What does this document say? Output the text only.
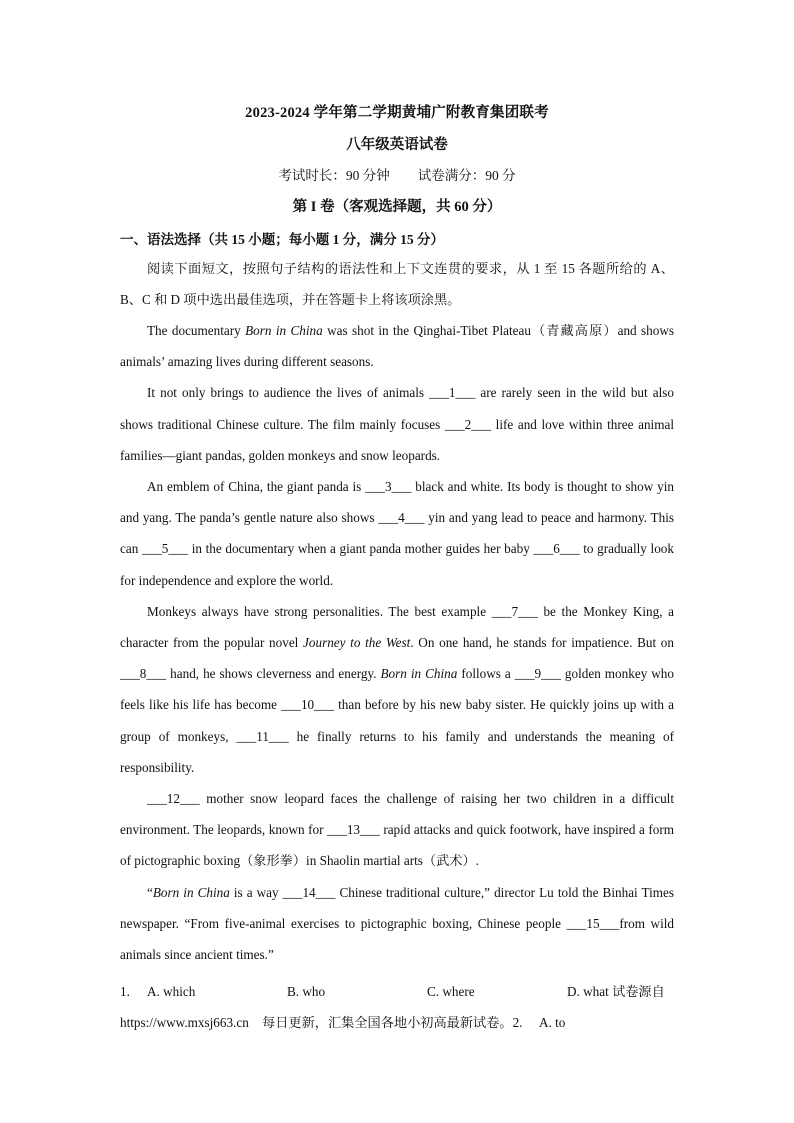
2023-2024 学年第二学期黄埔广附教育集团联考
八年级英语试卷
考试时长：90 分钟 试卷满分：90 分
第 I 卷（客观选择题，共 60 分）
一、语法选择（共 15 小题；每小题 1 分，满分 15 分）

阅读下面短文，按照句子结构的语法性和上下文连贯的要求，从 1 至 15 各题所给的 A、B、C 和 D 项中选出最佳选项，并在答题卡上将该项涂黑。

The documentary Born in China was shot in the Qinghai-Tibet Plateau（青藏高原）and shows animals’ amazing lives during different seasons.

It not only brings to audience the lives of animals ___1___ are rarely seen in the wild but also shows traditional Chinese culture. The film mainly focuses ___2___ life and love within three animal families—giant pandas, golden monkeys and snow leopards.

An emblem of China, the giant panda is ___3___ black and white. Its body is thought to show yin and yang. The panda’s gentle nature also shows ___4___ yin and yang lead to peace and harmony. This can ___5___ in the documentary when a giant panda mother guides her baby ___6___ to gradually look for independence and explore the world.

Monkeys always have strong personalities. The best example ___7___ be the Monkey King, a character from the popular novel Journey to the West. On one hand, he stands for impatience. But on ___8___ hand, he shows cleverness and energy. Born in China follows a ___9___ golden monkey who feels like his life has become ___10___ than before by his new baby sister. He quickly joins up with a group of monkeys, ___11___ he finally returns to his family and understands the meaning of responsibility.

___12___ mother snow leopard faces the challenge of raising her two children in a difficult environment. The leopards, known for ___13___ rapid attacks and quick footwork, have inspired a form of pictographic boxing（象形拳）in Shaolin martial arts（武术）.

“Born in China is a way ___14___ Chinese traditional culture,” director Lu told the Binhai Times newspaper. “From five-animal exercises to pictographic boxing, Chinese people ___15___from wild animals since ancient times.”

1. A. which	B. who	C. where	D. what 试卷源自
https://www.mxsj663.cn 每日更新，汇集全国各地小初高最新试卷。2. A. to
